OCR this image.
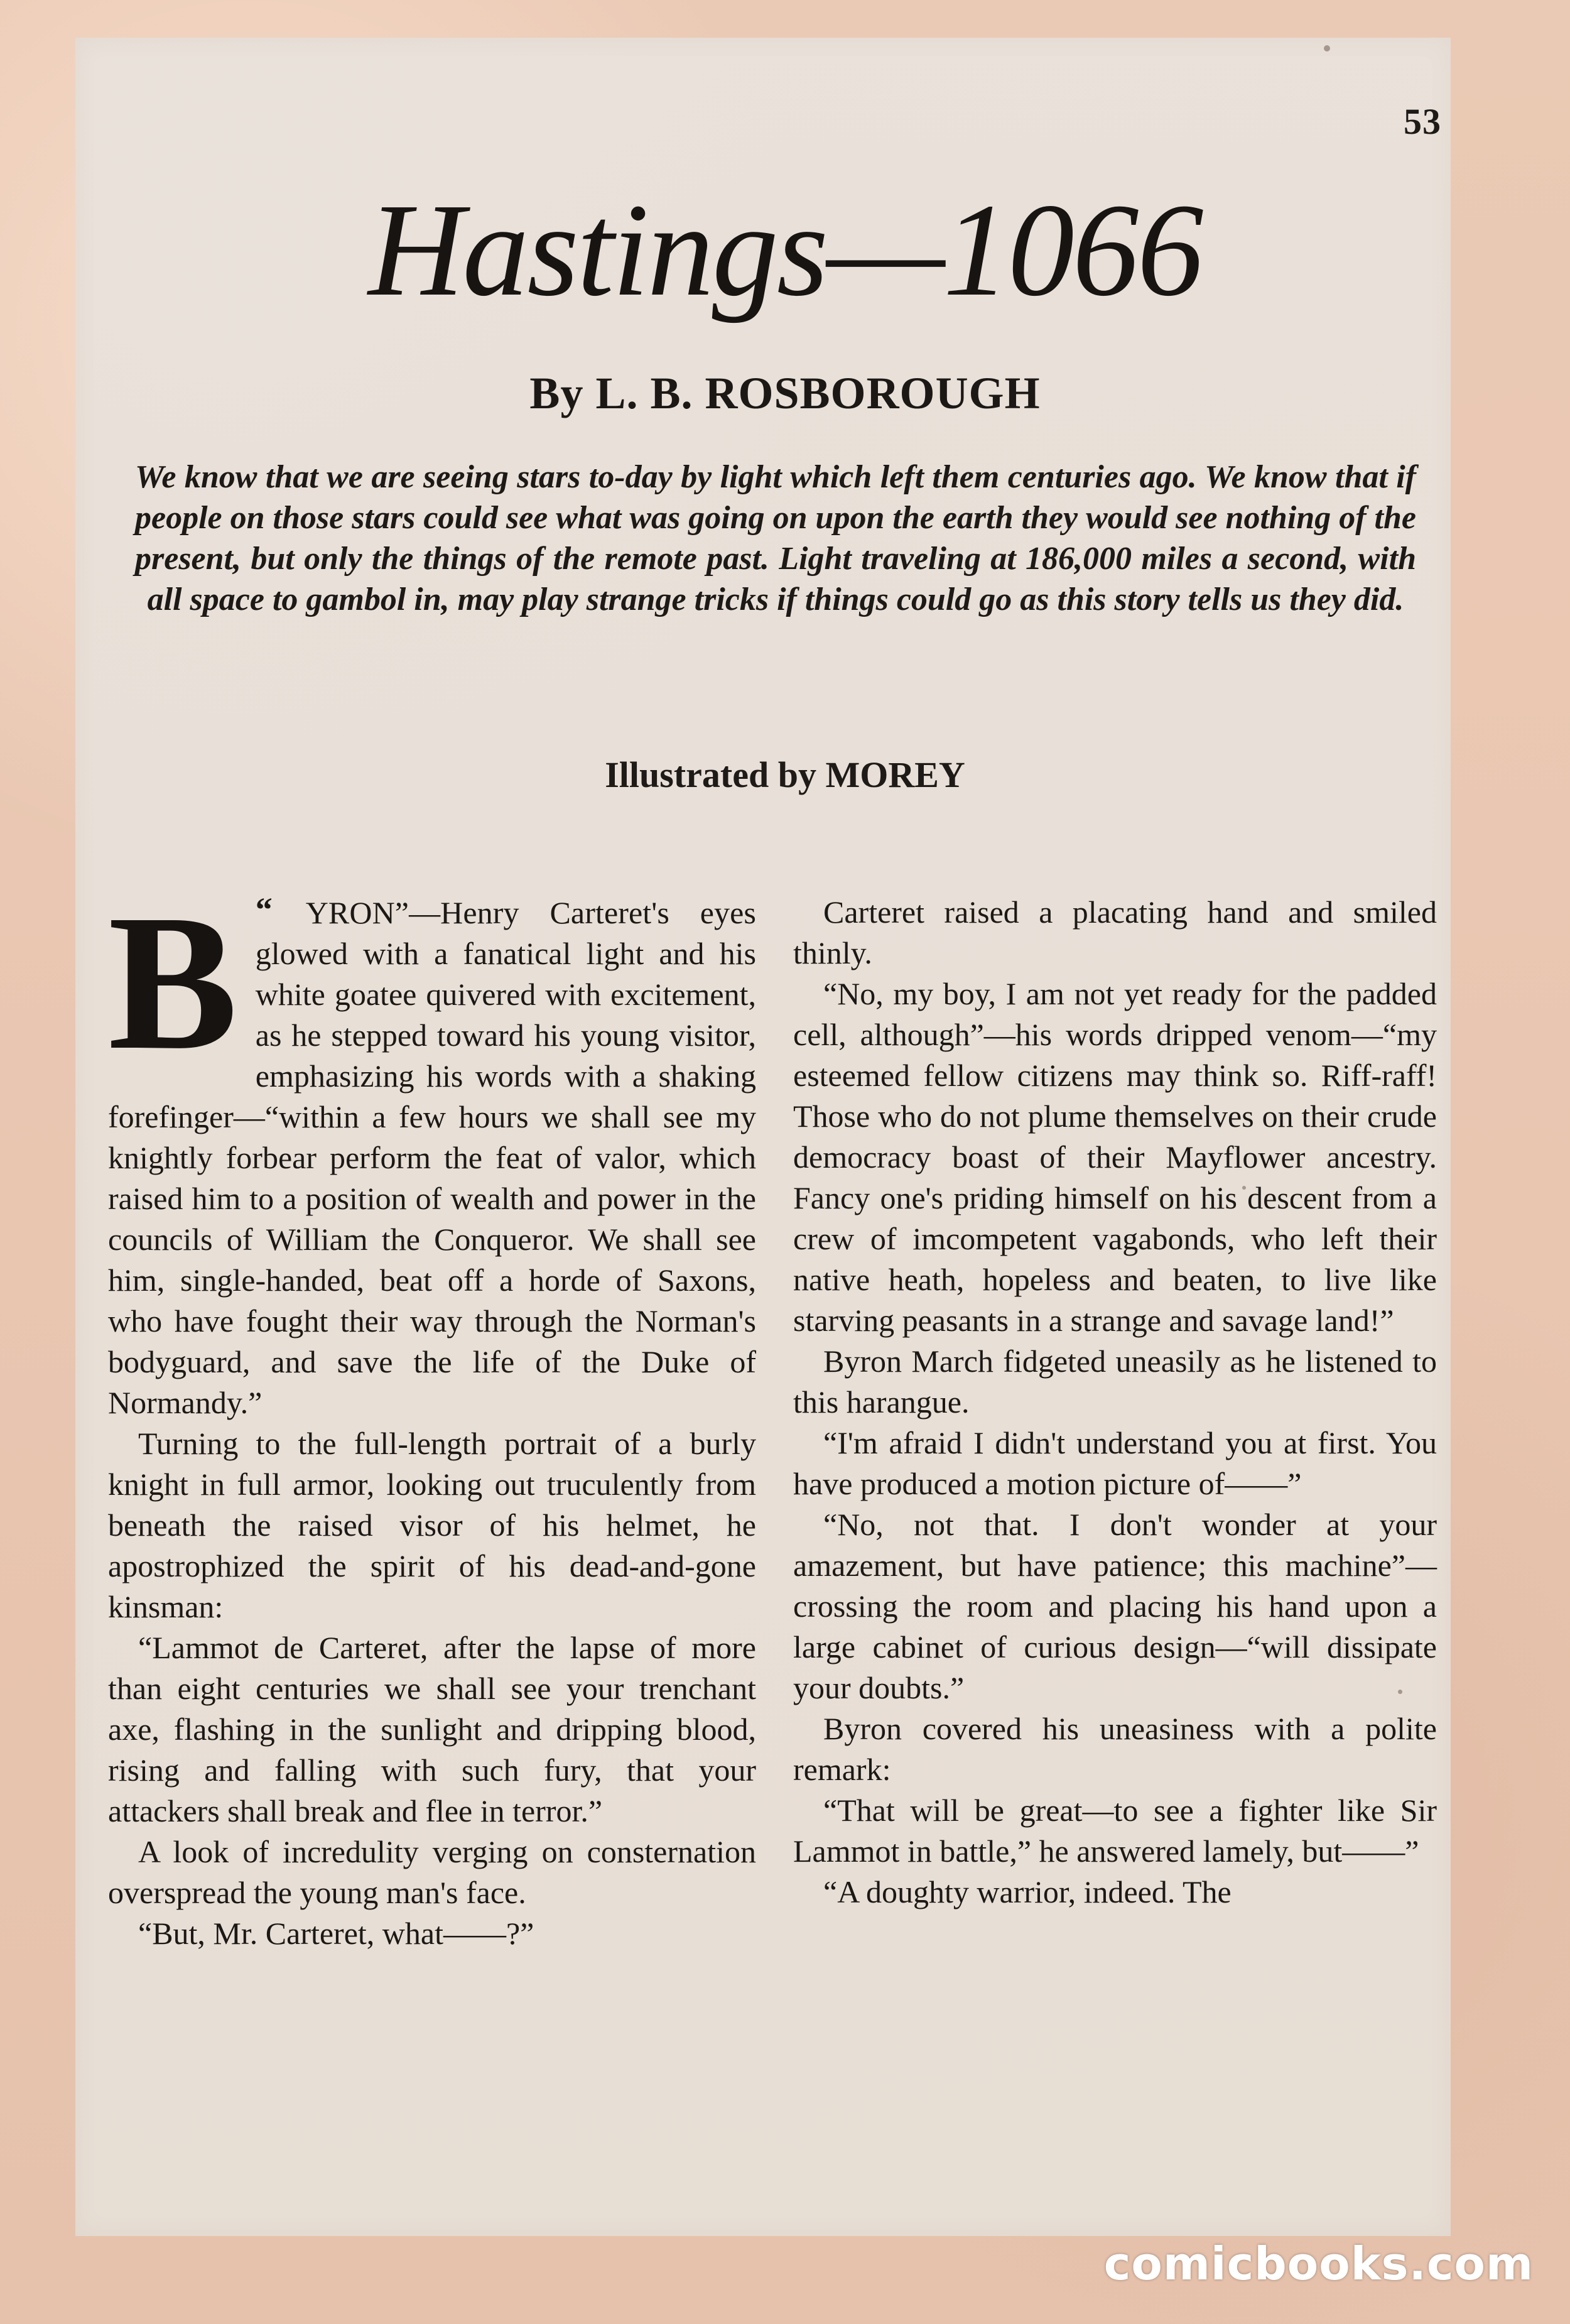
53
Hastings—1066
By L. B. ROSBOROUGH

We know that we are seeing stars to-day by light which left them centuries ago. We know that if people on those stars could see what was going on upon the earth they would see nothing of the present, but only the things of the remote past. Light traveling at 186,000 miles a second, with all space to gambol in, may play strange tricks if things could go as this story tells us they did.

Illustrated by MOREY

“
B YRON”—Henry Carteret's eyes glowed with a fanatical light and his white goatee quivered with excitement, as he stepped toward his young visitor, emphasizing his words with a shaking forefinger—“within a few hours we shall see my knightly forbear perform the feat of valor, which raised him to a position of wealth and power in the councils of William the Conqueror. We shall see him, single-handed, beat off a horde of Saxons, who have fought their way through the Norman's bodyguard, and save the life of the Duke of Normandy.”

Turning to the full-length portrait of a burly knight in full armor, looking out truculently from beneath the raised visor of his helmet, he apostrophized the spirit of his dead-and-gone kinsman:

“Lammot de Carteret, after the lapse of more than eight centuries we shall see your trenchant axe, flashing in the sunlight and dripping blood, rising and falling with such fury, that your attackers shall break and flee in terror.”

A look of incredulity verging on consternation overspread the young man's face.

“But, Mr. Carteret, what——?”

Carteret raised a placating hand and smiled thinly.

“No, my boy, I am not yet ready for the padded cell, although”—his words dripped venom—“my esteemed fellow citizens may think so. Riff-raff! Those who do not plume themselves on their crude democracy boast of their Mayflower ancestry. Fancy one's priding himself on his descent from a crew of imcompetent vagabonds, who left their native heath, hopeless and beaten, to live like starving peasants in a strange and savage land!”

Byron March fidgeted uneasily as he listened to this harangue.

“I'm afraid I didn't understand you at first. You have produced a motion picture of——”

“No, not that. I don't wonder at your amazement, but have patience; this machine”—crossing the room and placing his hand upon a large cabinet of curious design—“will dissipate your doubts.”

Byron covered his uneasiness with a polite remark:

“That will be great—to see a fighter like Sir Lammot in battle,” he answered lamely, but——”

“A doughty warrior, indeed. The

comicbooks.com
